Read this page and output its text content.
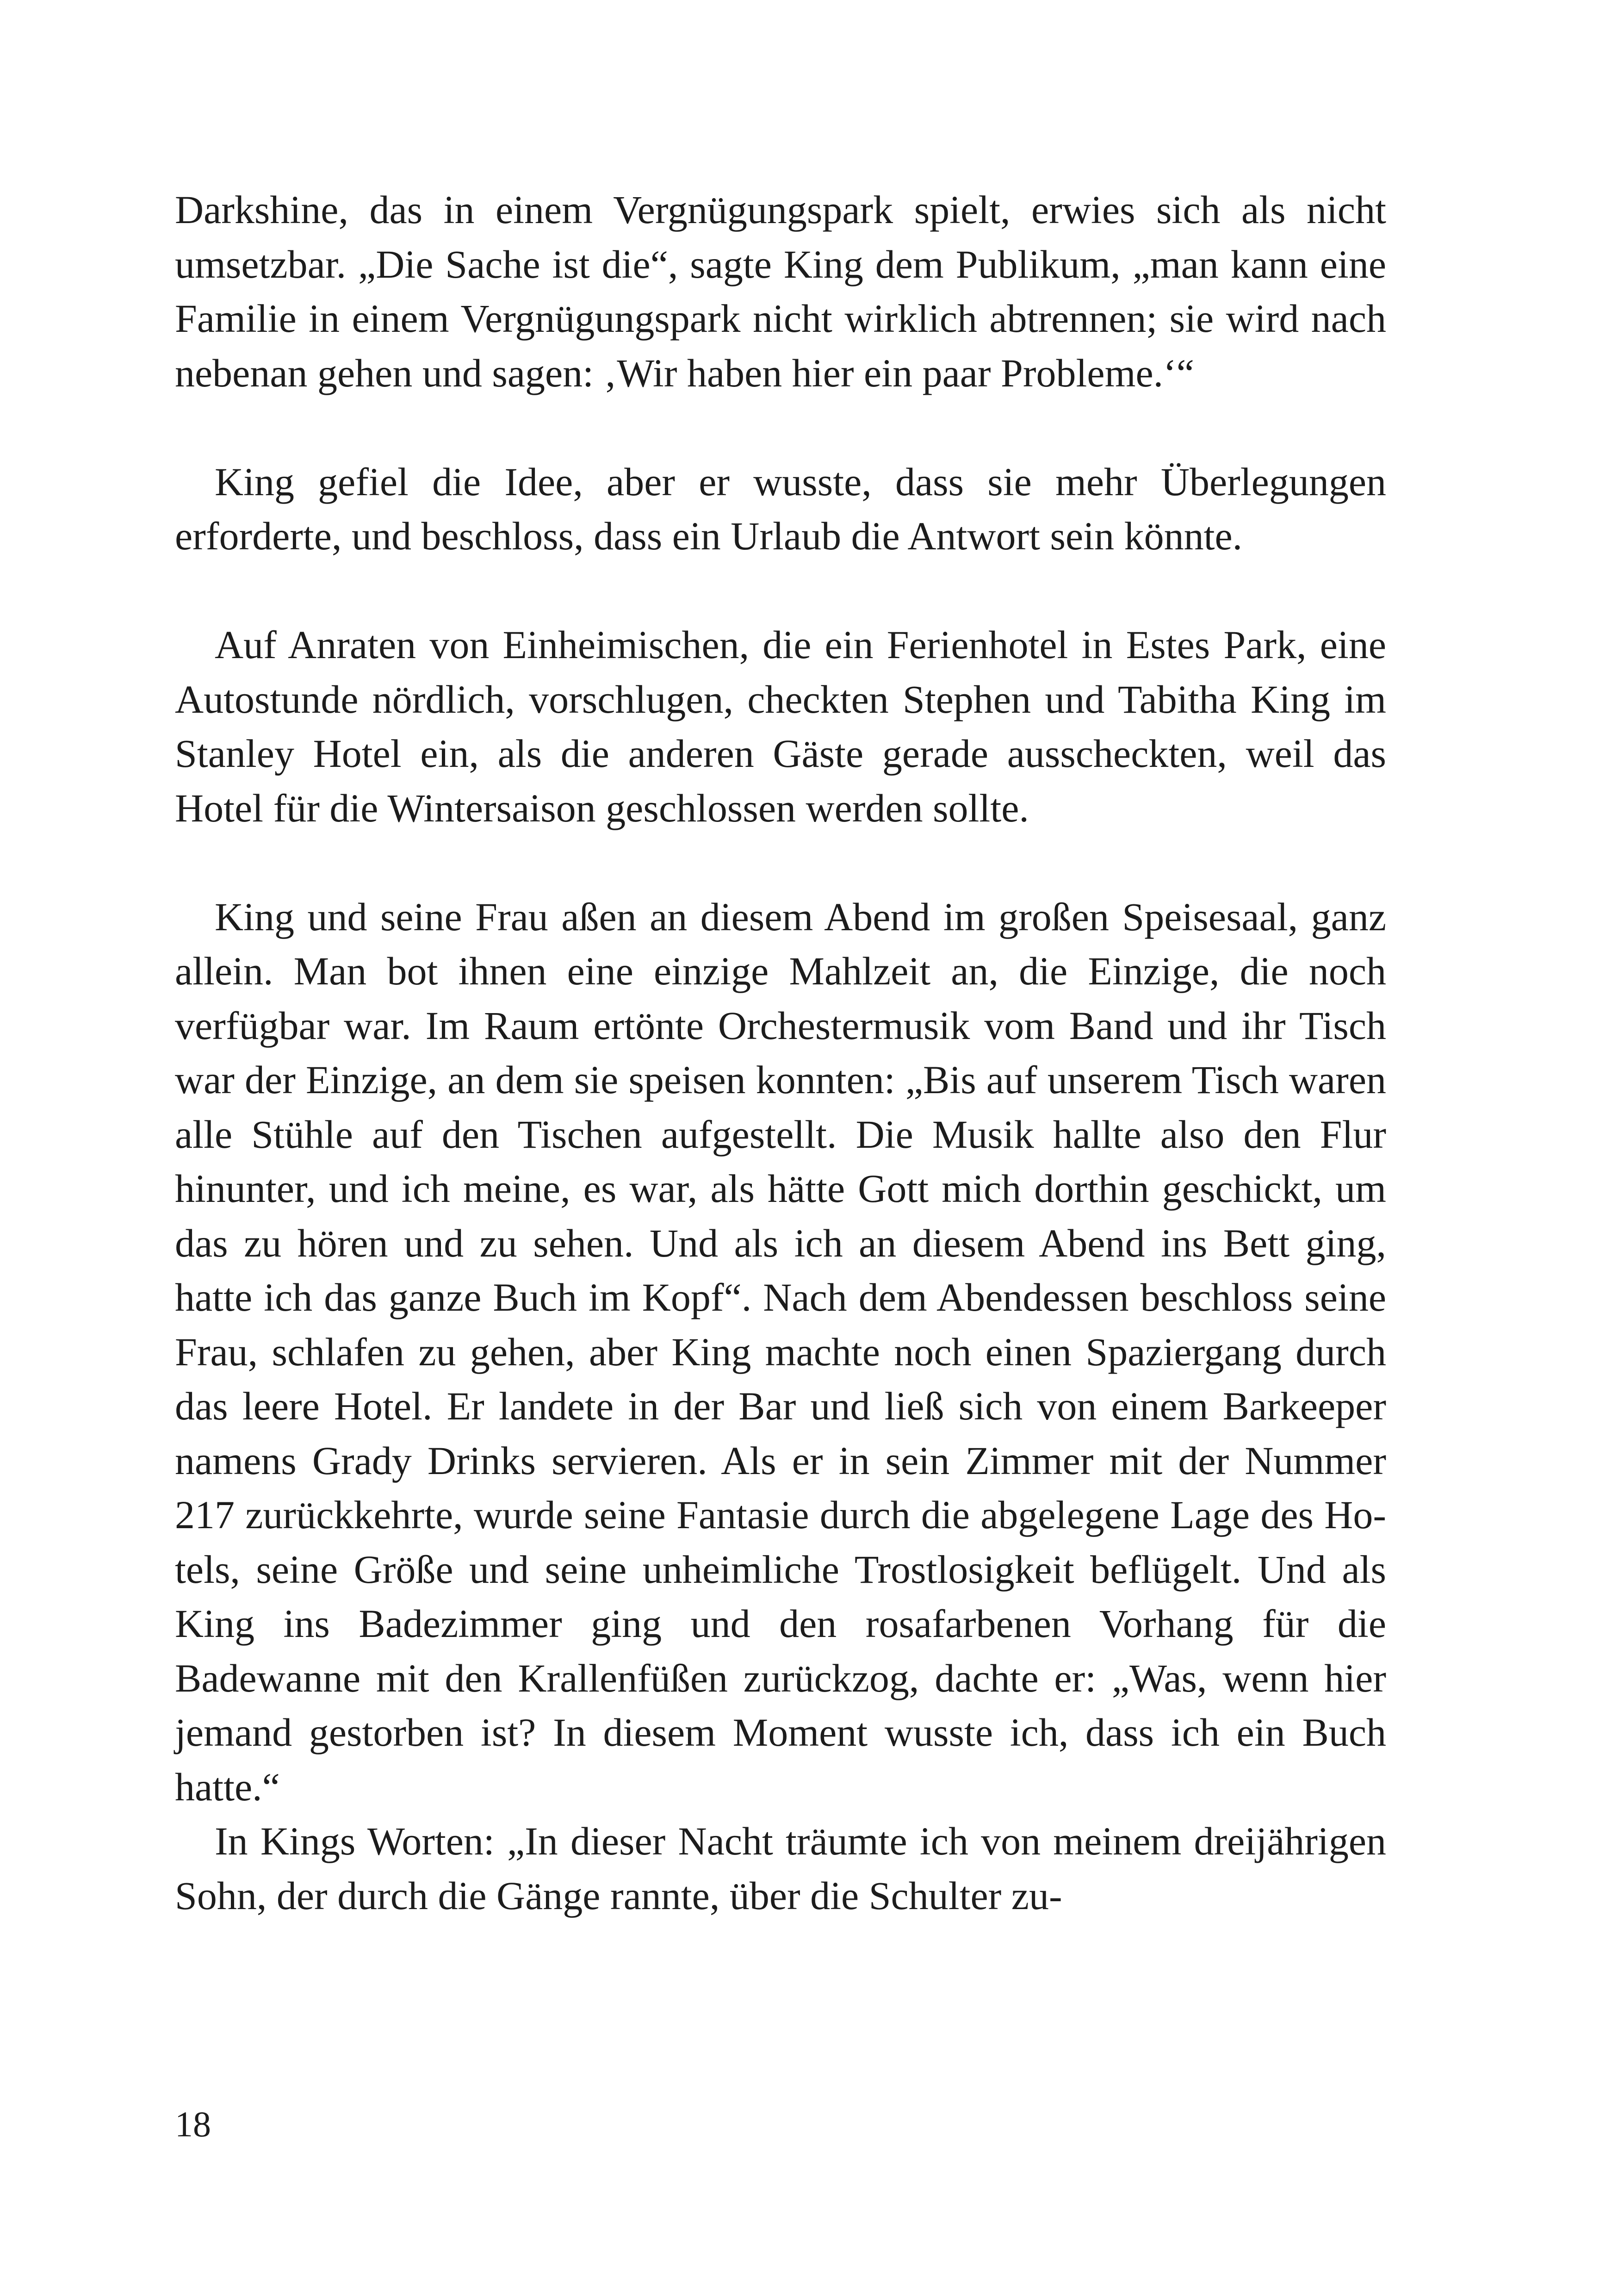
Darkshine, das in einem Vergnügungspark spielt, erwies sich als nicht umsetzbar. „Die Sache ist die“, sagte King dem Publikum, „man kann eine Familie in einem Vergnügungspark nicht wirklich abtrennen; sie wird nach nebenan gehen und sagen: ‚Wir haben hier ein paar Probleme.‘“

King gefiel die Idee, aber er wusste, dass sie mehr Überlegungen erforderte, und beschloss, dass ein Urlaub die Antwort sein könnte.

Auf Anraten von Einheimischen, die ein Ferienhotel in Estes Park, eine Autostunde nördlich, vorschlugen, checkten Stephen und Tabitha King im Stanley Hotel ein, als die anderen Gäste gerade ausscheckten, weil das Hotel für die Wintersaison geschlossen werden sollte.

King und seine Frau aßen an diesem Abend im großen Speisesaal, ganz allein. Man bot ihnen eine einzige Mahlzeit an, die Einzige, die noch verfügbar war. Im Raum ertönte Orchestermusik vom Band und ihr Tisch war der Einzige, an dem sie speisen konnten: „Bis auf unserem Tisch waren alle Stühle auf den Tischen aufgestellt. Die Musik hallte also den Flur hinunter, und ich meine, es war, als hätte Gott mich dorthin geschickt, um das zu hören und zu sehen. Und als ich an diesem Abend ins Bett ging, hatte ich das ganze Buch im Kopf“. Nach dem Abendessen beschloss seine Frau, schlafen zu gehen, aber King machte noch einen Spaziergang durch das leere Hotel. Er landete in der Bar und ließ sich von einem Barkeeper namens Grady Drinks servieren. Als er in sein Zimmer mit der Nummer 217 zurückkehrte, wurde seine Fantasie durch die abgelegene Lage des Hotels, seine Größe und seine unheimliche Trostlosigkeit beflügelt. Und als King ins Badezimmer ging und den rosafarbenen Vorhang für die Badewanne mit den Krallenfüßen zurückzog, dachte er: „Was, wenn hier jemand gestorben ist? In diesem Moment wusste ich, dass ich ein Buch hatte.“

In Kings Worten: „In dieser Nacht träumte ich von meinem dreijährigen Sohn, der durch die Gänge rannte, über die Schulter zu-

18
